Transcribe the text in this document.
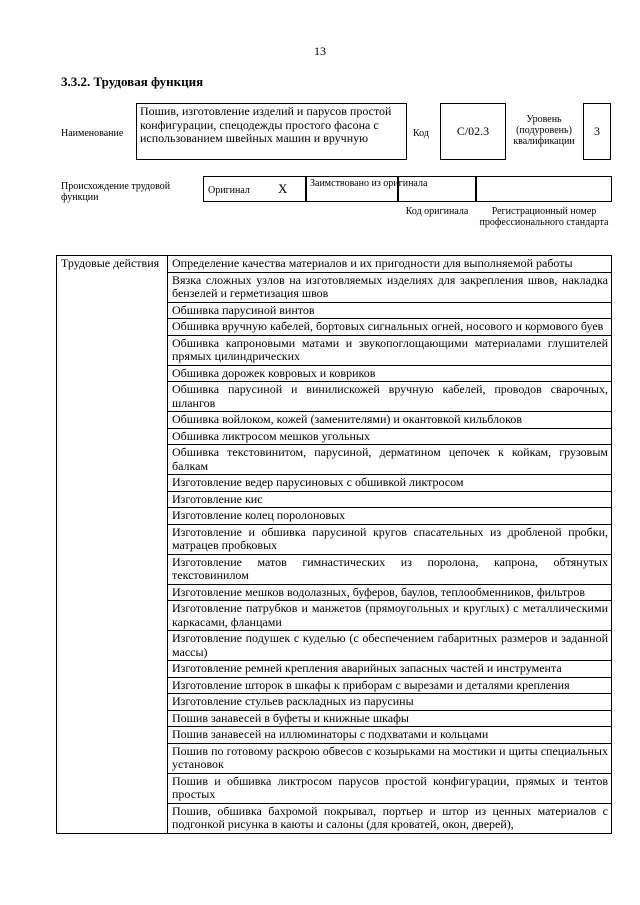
13
3.3.2. Трудовая функция
Наименование
Пошив, изготовление изделий и парусов простой конфигурации, спецодежды простого фасона с использованием швейных машин и вручную	Код	C/02.3
Уровень (подуровень) квалификации
3
Происхождение трудовой функции
Оригинал X Заимствовано из оригинала
Код оригинала	Регистрационный номер профессионального стандарта
Трудовые действия	Определение качества материалов и их пригодности для выполняемой работы
Вязка сложных узлов на изготовляемых изделиях для закрепления швов, накладка бензелей и герметизация швов
Обшивка парусиной винтов
Обшивка вручную кабелей, бортовых сигнальных огней, носового и кормового буев
Обшивка капроновыми матами и звукопоглощающими материалами глушителей прямых цилиндрических
Обшивка дорожек ковровых и ковриков
Обшивка парусиной и винилискожей вручную кабелей, проводов сварочных, шлангов
Обшивка войлоком, кожей (заменителями) и окантовкой кильблоков
Обшивка ликтросом мешков угольных
Обшивка текстовинитом, парусиной, дерматином цепочек к койкам, грузовым балкам
Изготовление ведер парусиновых с обшивкой ликтросом
Изготовление кис
Изготовление колец поролоновых
Изготовление и обшивка парусиной кругов спасательных из дробленой пробки, матрацев пробковых
Изготовление матов гимнастических из поролона, капрона, обтянутых текстовинилом
Изготовление мешков водолазных, буферов, баулов, теплообменников, фильтров
Изготовление патрубков и манжетов (прямоугольных и круглых) с металлическими каркасами, фланцами
Изготовление подушек с куделью (с обеспечением габаритных размеров и заданной массы)
Изготовление ремней крепления аварийных запасных частей и инструмента
Изготовление шторок в шкафы к приборам с вырезами и деталями крепления
Изготовление стульев раскладных из парусины
Пошив занавесей в буфеты и книжные шкафы
Пошив занавесей на иллюминаторы с подхватами и кольцами
Пошив по готовому раскрою обвесов с козырьками на мостики и щиты специальных установок
Пошив и обшивка ликтросом парусов простой конфигурации, прямых и тентов простых
Пошив, обшивка бахромой покрывал, портьер и штор из ценных материалов с подгонкой рисунка в каюты и салоны (для кроватей, окон, дверей),
